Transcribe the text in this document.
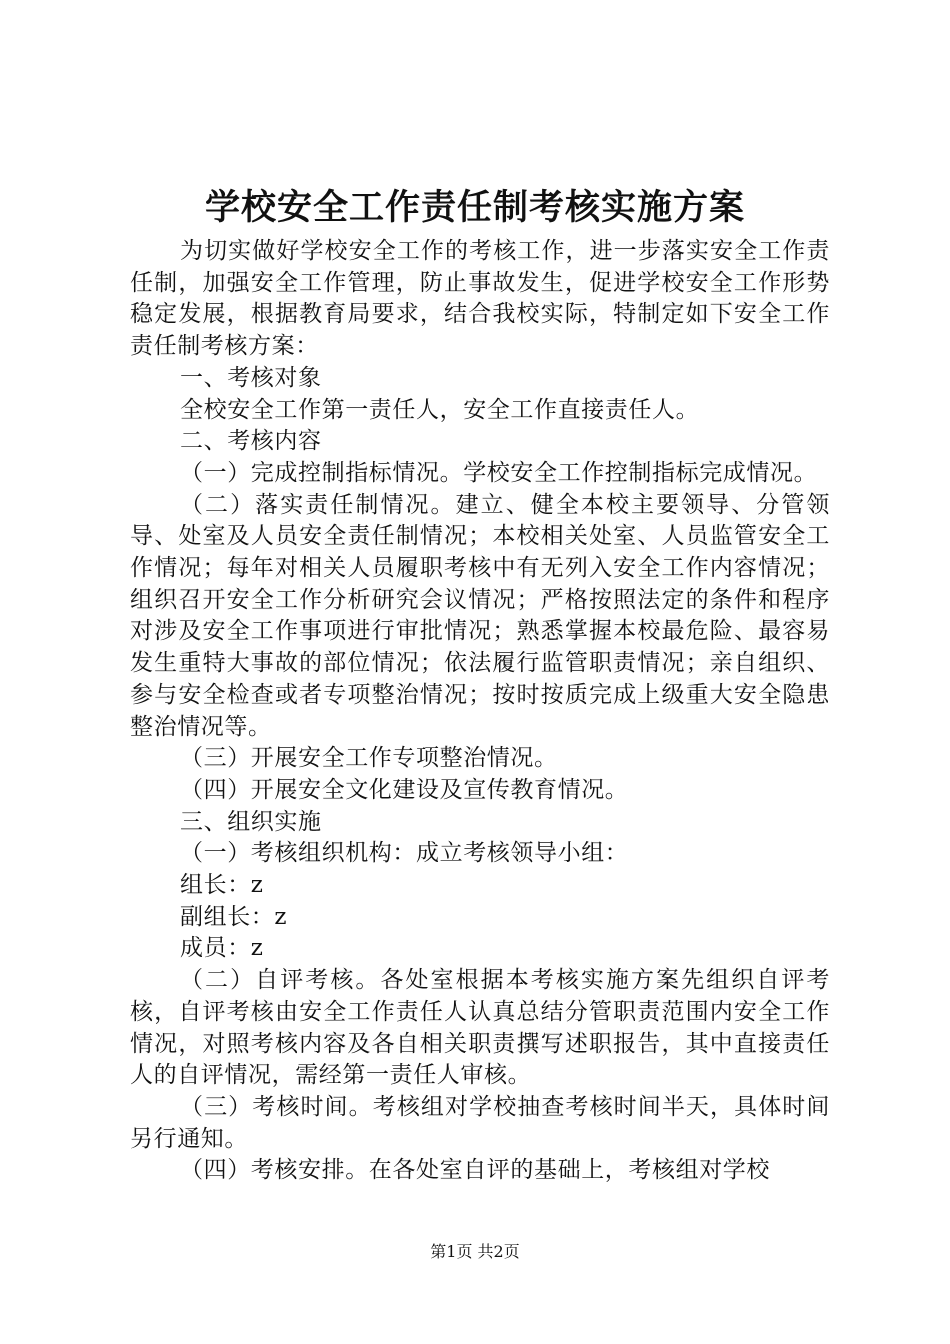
学校安全工作责任制考核实施方案

为切实做好学校安全工作的考核工作，进一步落实安全工作责任制，加强安全工作管理，防止事故发生，促进学校安全工作形势稳定发展，根据教育局要求，结合我校实际，特制定如下安全工作责任制考核方案：

一、考核对象

全校安全工作第一责任人，安全工作直接责任人。

二、考核内容

（一）完成控制指标情况。学校安全工作控制指标完成情况。

（二）落实责任制情况。建立、健全本校主要领导、分管领导、处室及人员安全责任制情况；本校相关处室、人员监管安全工作情况；每年对相关人员履职考核中有无列入安全工作内容情况；组织召开安全工作分析研究会议情况；严格按照法定的条件和程序对涉及安全工作事项进行审批情况；熟悉掌握本校最危险、最容易发生重特大事故的部位情况；依法履行监管职责情况；亲自组织、参与安全检查或者专项整治情况；按时按质完成上级重大安全隐患整治情况等。

（三）开展安全工作专项整治情况。

（四）开展安全文化建设及宣传教育情况。

三、组织实施

（一）考核组织机构：成立考核领导小组：

组长：z

副组长：z

成员：z

（二）自评考核。各处室根据本考核实施方案先组织自评考核，自评考核由安全工作责任人认真总结分管职责范围内安全工作情况，对照考核内容及各自相关职责撰写述职报告，其中直接责任人的自评情况，需经第一责任人审核。

（三）考核时间。考核组对学校抽查考核时间半天，具体时间另行通知。

（四）考核安排。在各处室自评的基础上，考核组对学校

第1页 共2页
